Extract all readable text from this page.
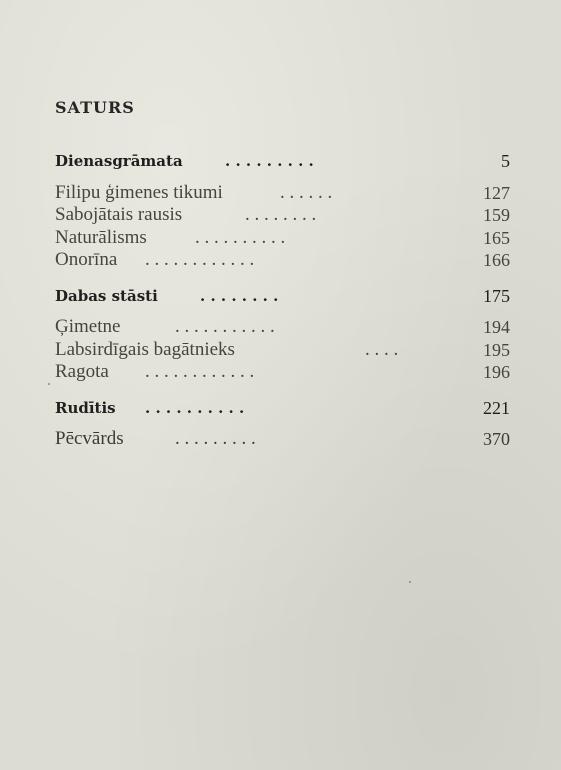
SATURS
Dienasgrāmata	. . . . . . . . .	5
Filipu ģimenes tikumi	. . . . . .	127
Sabojātais rausis	. . . . . . . .	159
Naturālisms	. . . . . . . . . .	165
Onorīna . . . . . . . . . . . .	166
Dabas stāsti	. . . . . . . .	175
Ģimetne	. . . . . . . . . . .	194
Labsirdīgais bagātnieks	. . . .	195
Ragota . . . . . . . . . . . .	196
Rudītis . . . . . . . . . .	221
Pēcvārds	. . . . . . . . .	370
